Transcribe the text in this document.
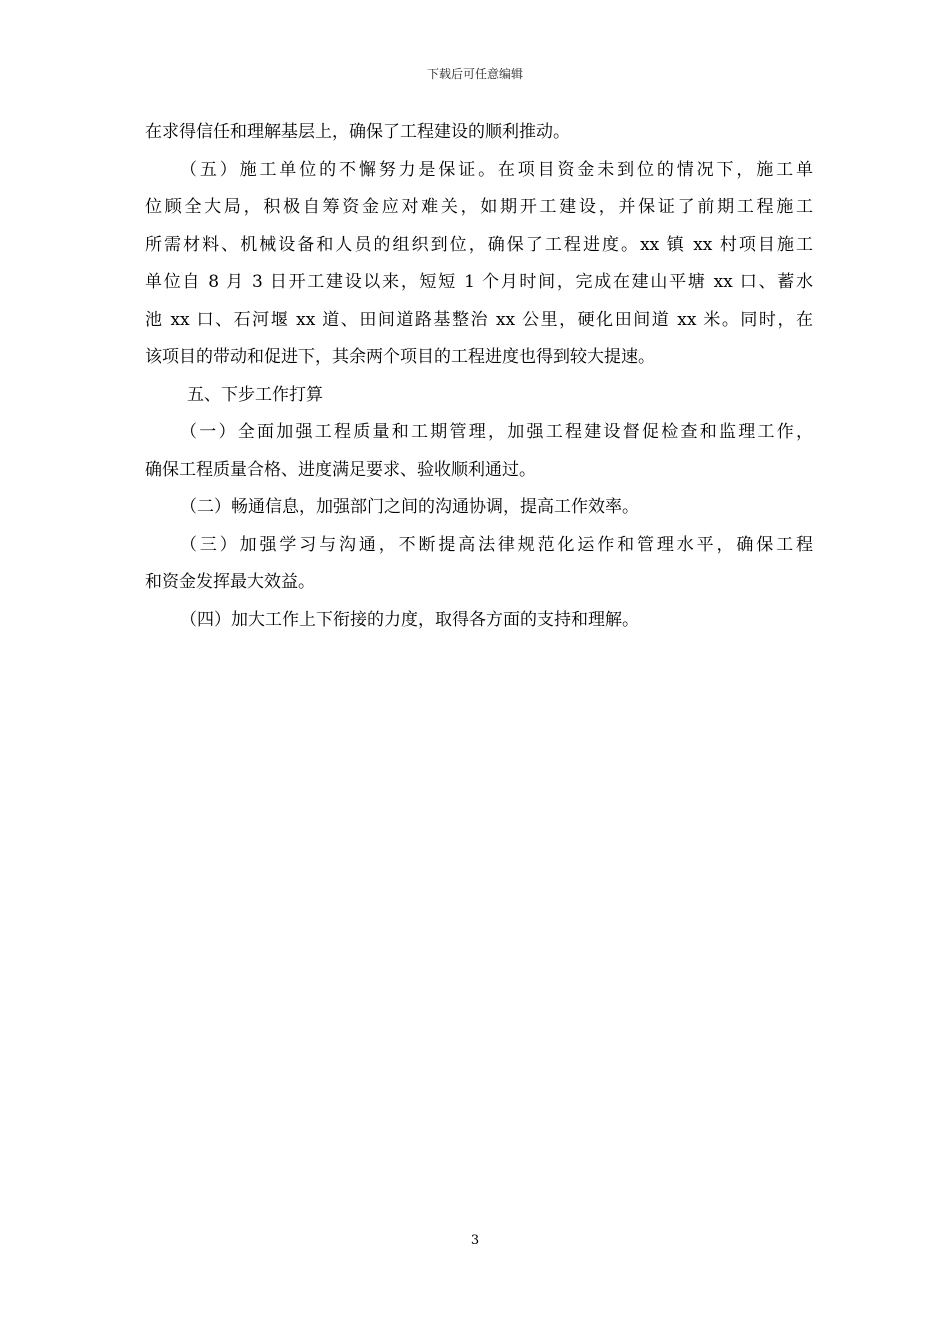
下载后可任意编辑
在求得信任和理解基层上，确保了工程建设的顺利推动。
（五）施工单位的不懈努力是保证。在项目资金未到位的情况下，施工单
位顾全大局，积极自筹资金应对难关，如期开工建设，并保证了前期工程施工
所需材料、机械设备和人员的组织到位，确保了工程进度。xx 镇 xx 村项目施工
单位自 8 月 3 日开工建设以来，短短 1 个月时间，完成在建山平塘 xx 口、蓄水
池 xx 口、石河堰 xx 道、田间道路基整治 xx 公里，硬化田间道 xx 米。同时，在
该项目的带动和促进下，其余两个项目的工程进度也得到较大提速。
五、下步工作打算
（一）全面加强工程质量和工期管理，加强工程建设督促检查和监理工作，
确保工程质量合格、进度满足要求、验收顺利通过。
（二）畅通信息，加强部门之间的沟通协调，提高工作效率。
（三）加强学习与沟通，不断提高法律规范化运作和管理水平，确保工程
和资金发挥最大效益。
（四）加大工作上下衔接的力度，取得各方面的支持和理解。
3
